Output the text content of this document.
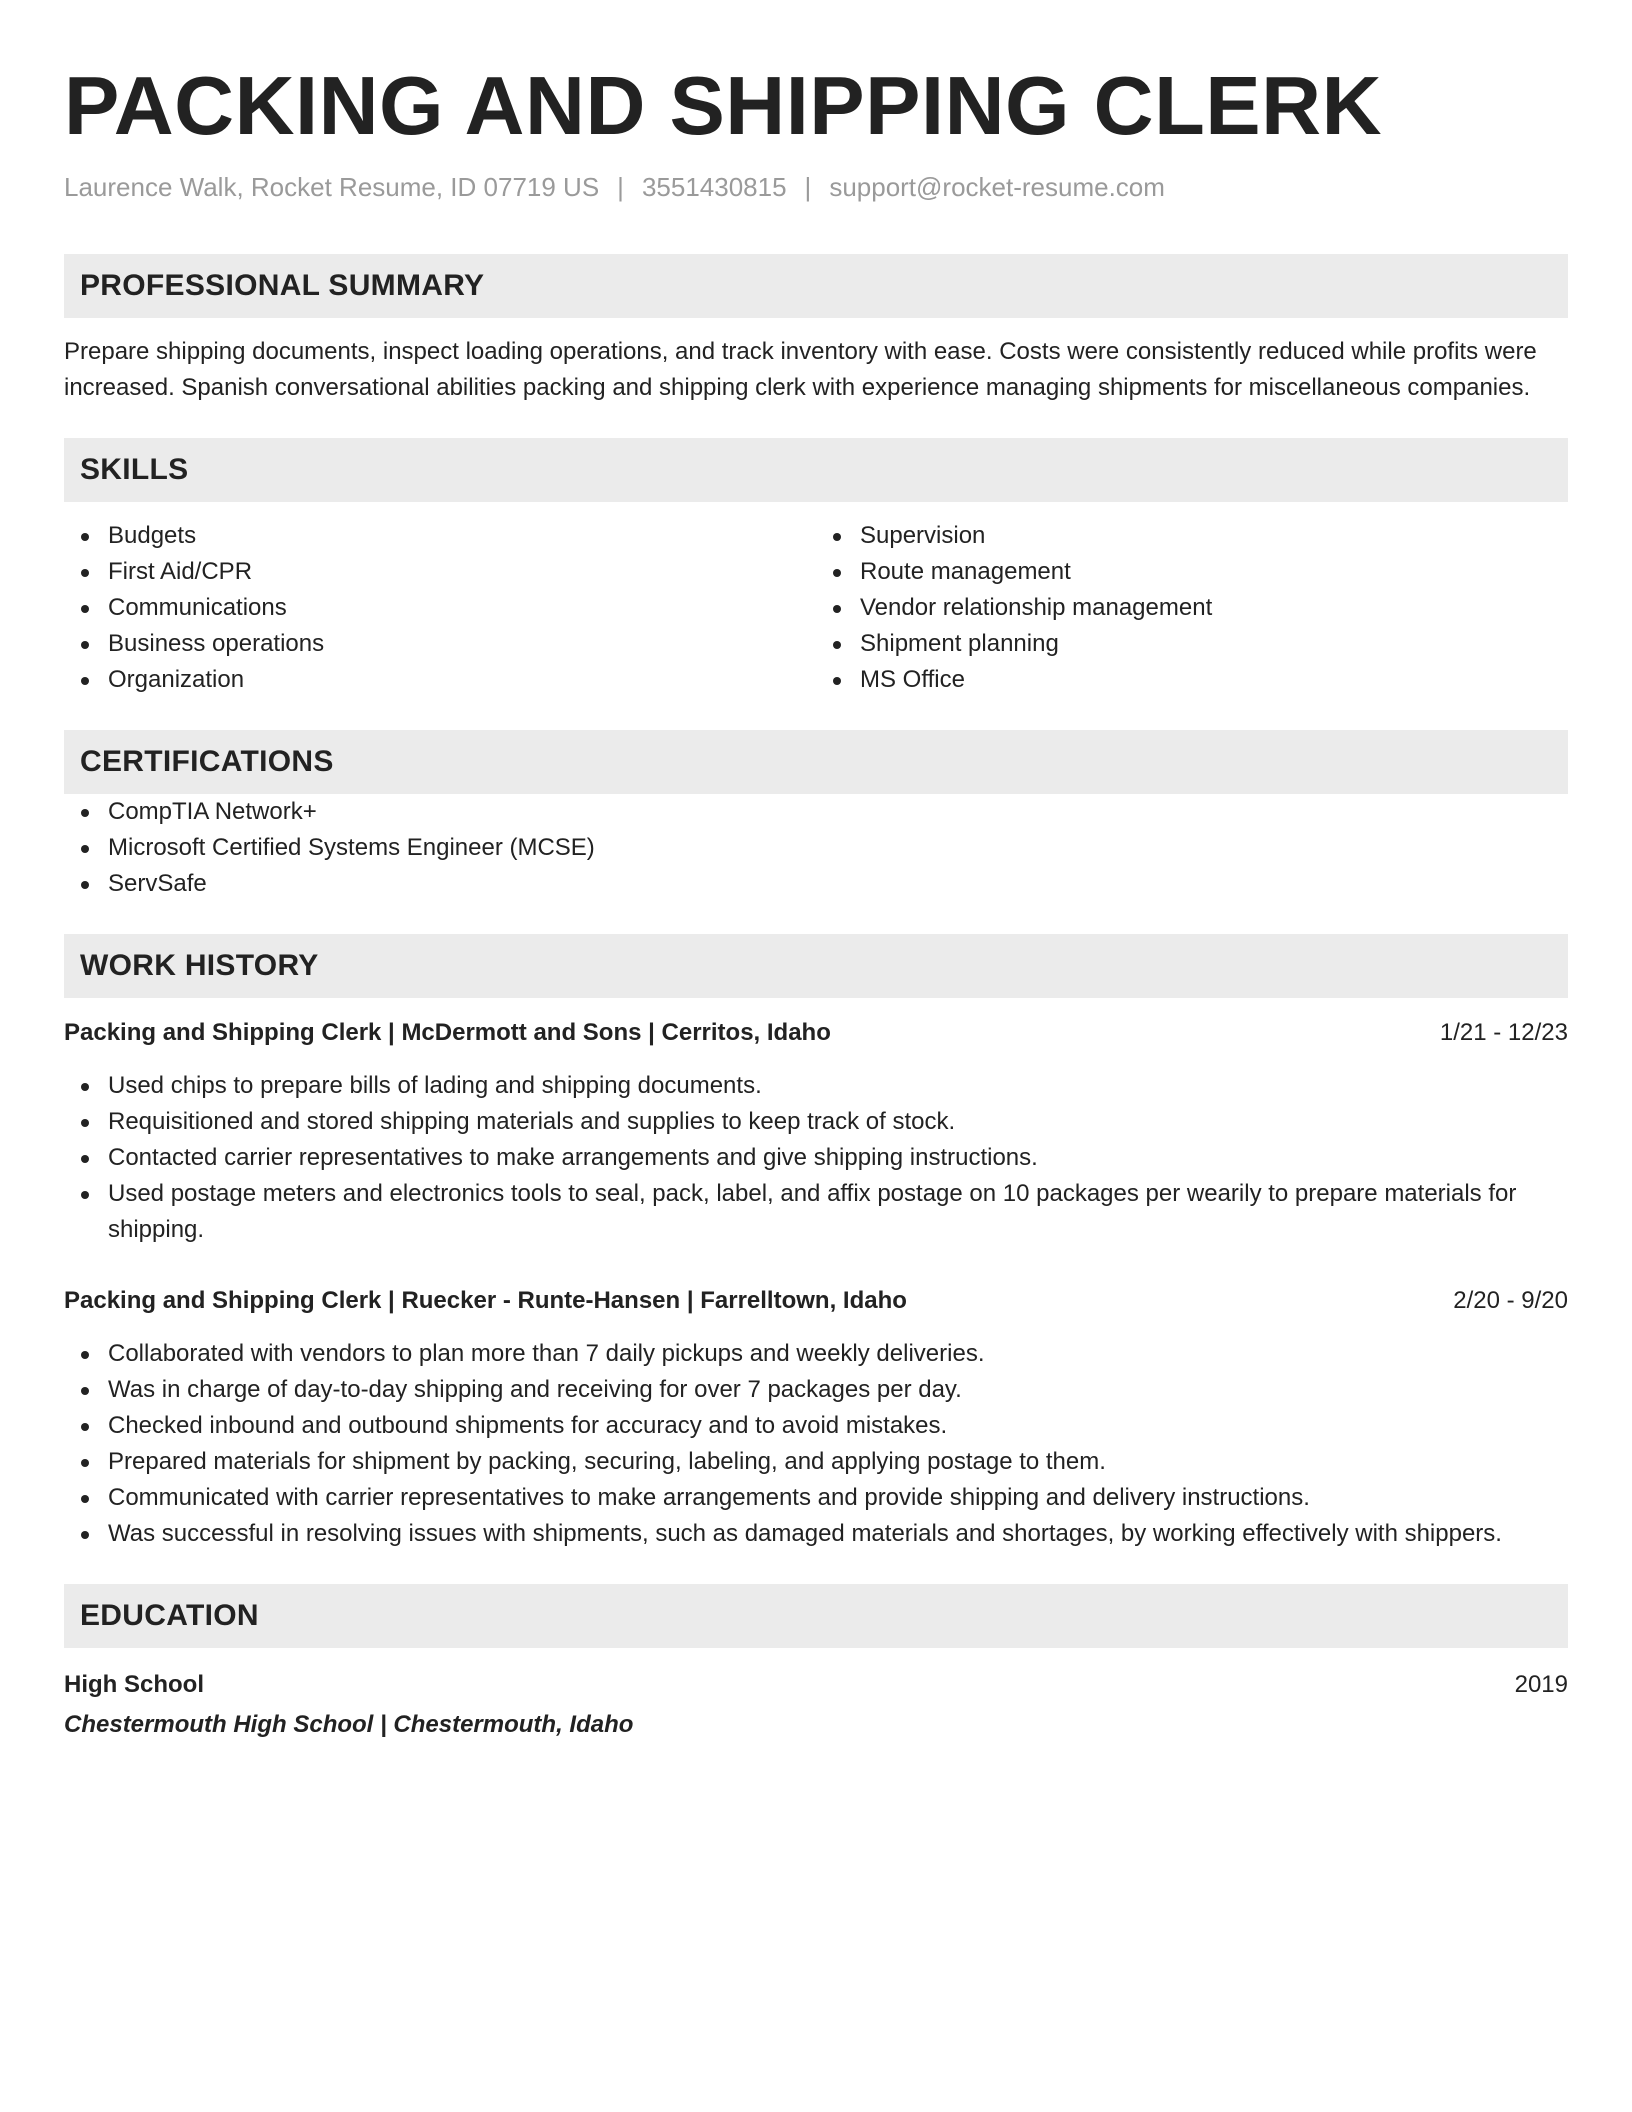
PACKING AND SHIPPING CLERK
Laurence Walk, Rocket Resume, ID 07719 US | 3551430815 | support@rocket-resume.com
PROFESSIONAL SUMMARY

Prepare shipping documents, inspect loading operations, and track inventory with ease. Costs were consistently reduced while profits were increased. Spanish conversational abilities packing and shipping clerk with experience managing shipments for miscellaneous companies.

SKILLS
Budgets
First Aid/CPR
Communications
Business operations
Organization
Supervision
Route management
Vendor relationship management
Shipment planning
MS Office
CERTIFICATIONS
CompTIA Network+
Microsoft Certified Systems Engineer (MCSE)
ServSafe
WORK HISTORY
Packing and Shipping Clerk | McDermott and Sons | Cerritos, Idaho	1/21 - 12/23
Used chips to prepare bills of lading and shipping documents.
Requisitioned and stored shipping materials and supplies to keep track of stock.
Contacted carrier representatives to make arrangements and give shipping instructions.
Used postage meters and electronics tools to seal, pack, label, and affix postage on 10 packages per wearily to prepare materials for shipping.
Packing and Shipping Clerk | Ruecker - Runte-Hansen | Farrelltown, Idaho	2/20 - 9/20
Collaborated with vendors to plan more than 7 daily pickups and weekly deliveries.
Was in charge of day-to-day shipping and receiving for over 7 packages per day.
Checked inbound and outbound shipments for accuracy and to avoid mistakes.
Prepared materials for shipment by packing, securing, labeling, and applying postage to them.
Communicated with carrier representatives to make arrangements and provide shipping and delivery instructions.
Was successful in resolving issues with shipments, such as damaged materials and shortages, by working effectively with shippers.
EDUCATION
High School	2019
Chestermouth High School | Chestermouth, Idaho
